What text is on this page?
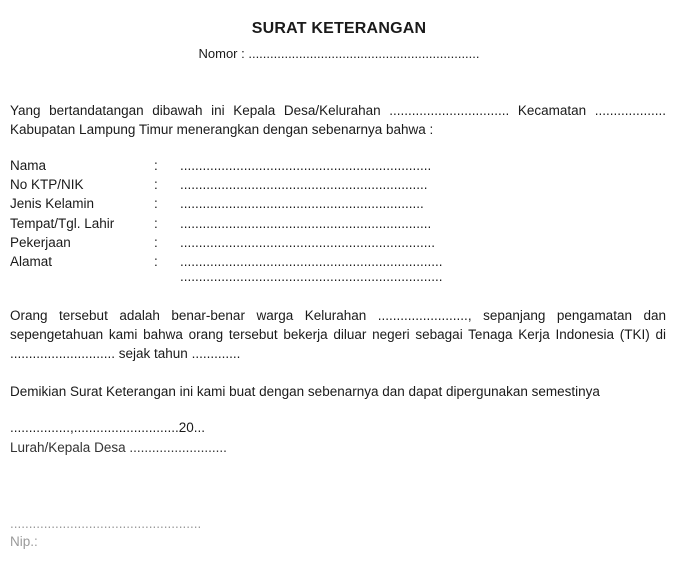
SURAT KETERANGAN
Nomor : ................................................................

Yang bertandatangan dibawah ini Kepala Desa/Kelurahan ................................ Kecamatan ................... Kabupatan Lampung Timur menerangkan dengan sebenarnya bahwa :

Nama	: ...................................................................
No KTP/NIK	: ..................................................................
Jenis Kelamin	: .................................................................
Tempat/Tgl. Lahir	: ...................................................................
Pekerjaan	: ....................................................................
Alamat	: ......................................................................
......................................................................

Orang tersebut adalah benar-benar warga Kelurahan ........................, sepanjang pengamatan dan sepengetahuan kami bahwa orang tersebut bekerja diluar negeri sebagai Tenaga Kerja Indonesia (TKI) di ............................ sejak tahun .............

Demikian Surat Keterangan ini kami buat dengan sebenarnya dan dapat dipergunakan semestinya

................,............................20...
Lurah/Kepala Desa ..........................
...................................................
Nip.:
